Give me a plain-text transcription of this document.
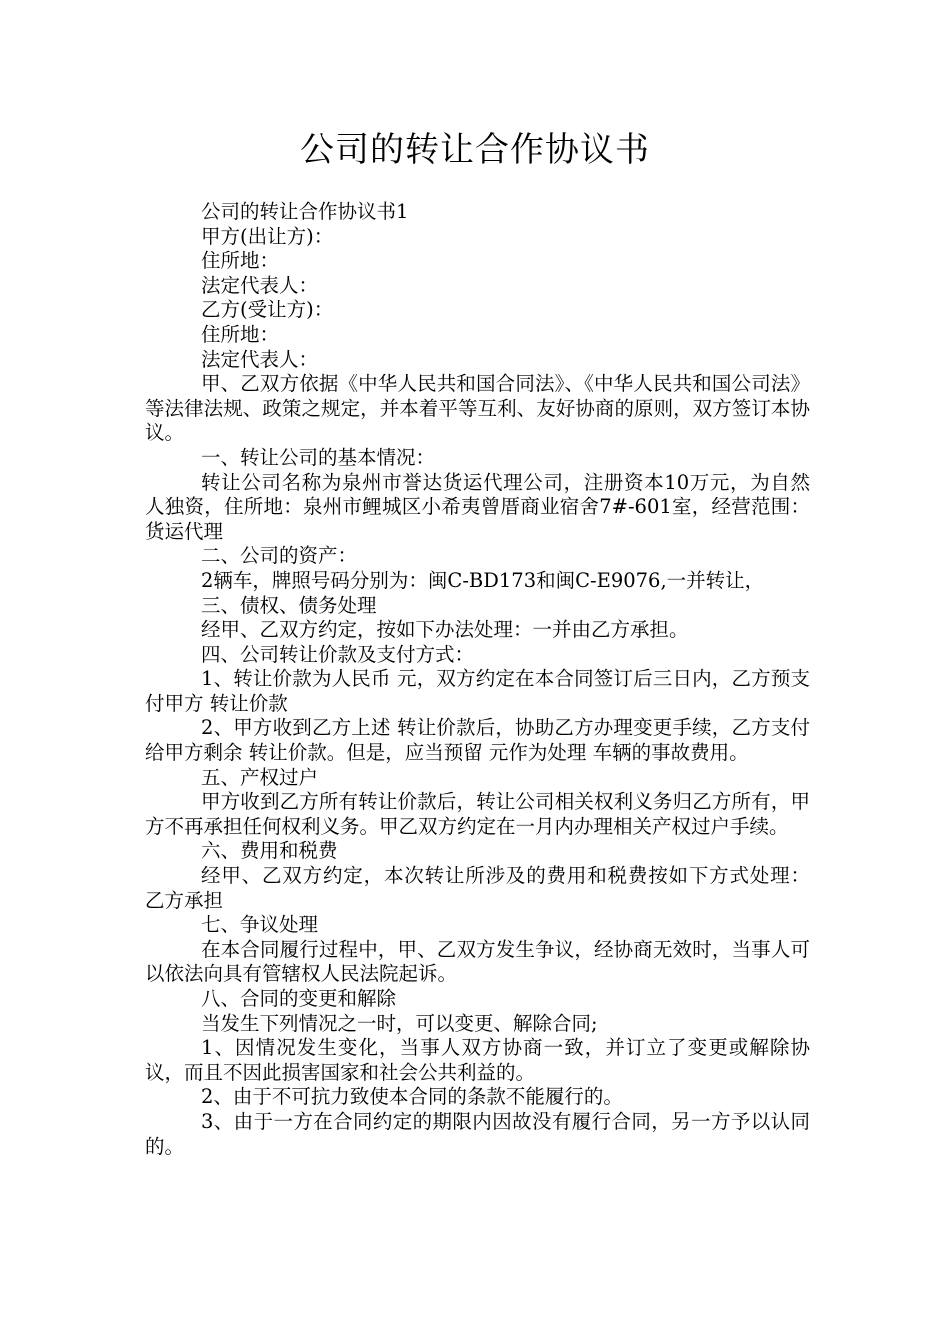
公司的转让合作协议书

公司的转让合作协议书1

甲方(出让方)：

住所地：

法定代表人：

乙方(受让方)：

住所地：

法定代表人：

甲、乙双方依据《中华人民共和国合同法》、《中华人民共和国公司法》等法律法规、政策之规定，并本着平等互利、友好协商的原则，双方签订本协议。

一、转让公司的基本情况：

转让公司名称为泉州市誉达货运代理公司，注册资本10万元，为自然人独资，住所地：泉州市鲤城区小希夷曾厝商业宿舍7#-601室，经营范围：货运代理

二、公司的资产：

2辆车，牌照号码分别为：闽C-BD173和闽C-E9076,一并转让，

三、债权、债务处理

经甲、乙双方约定，按如下办法处理：一并由乙方承担。

四、公司转让价款及支付方式：

1、转让价款为人民币 元，双方约定在本合同签订后三日内，乙方预支付甲方 转让价款

2、甲方收到乙方上述 转让价款后，协助乙方办理变更手续，乙方支付给甲方剩余 转让价款。但是，应当预留 元作为处理 车辆的事故费用。

五、产权过户

甲方收到乙方所有转让价款后，转让公司相关权利义务归乙方所有，甲方不再承担任何权利义务。甲乙双方约定在一月内办理相关产权过户手续。

六、费用和税费

经甲、乙双方约定，本次转让所涉及的费用和税费按如下方式处理： 乙方承担

七、争议处理

在本合同履行过程中，甲、乙双方发生争议，经协商无效时，当事人可以依法向具有管辖权人民法院起诉。

八、合同的变更和解除

当发生下列情况之一时，可以变更、解除合同;

1、因情况发生变化，当事人双方协商一致，并订立了变更或解除协议，而且不因此损害国家和社会公共利益的。

2、由于不可抗力致使本合同的条款不能履行的。

3、由于一方在合同约定的期限内因故没有履行合同，另一方予以认同的。
